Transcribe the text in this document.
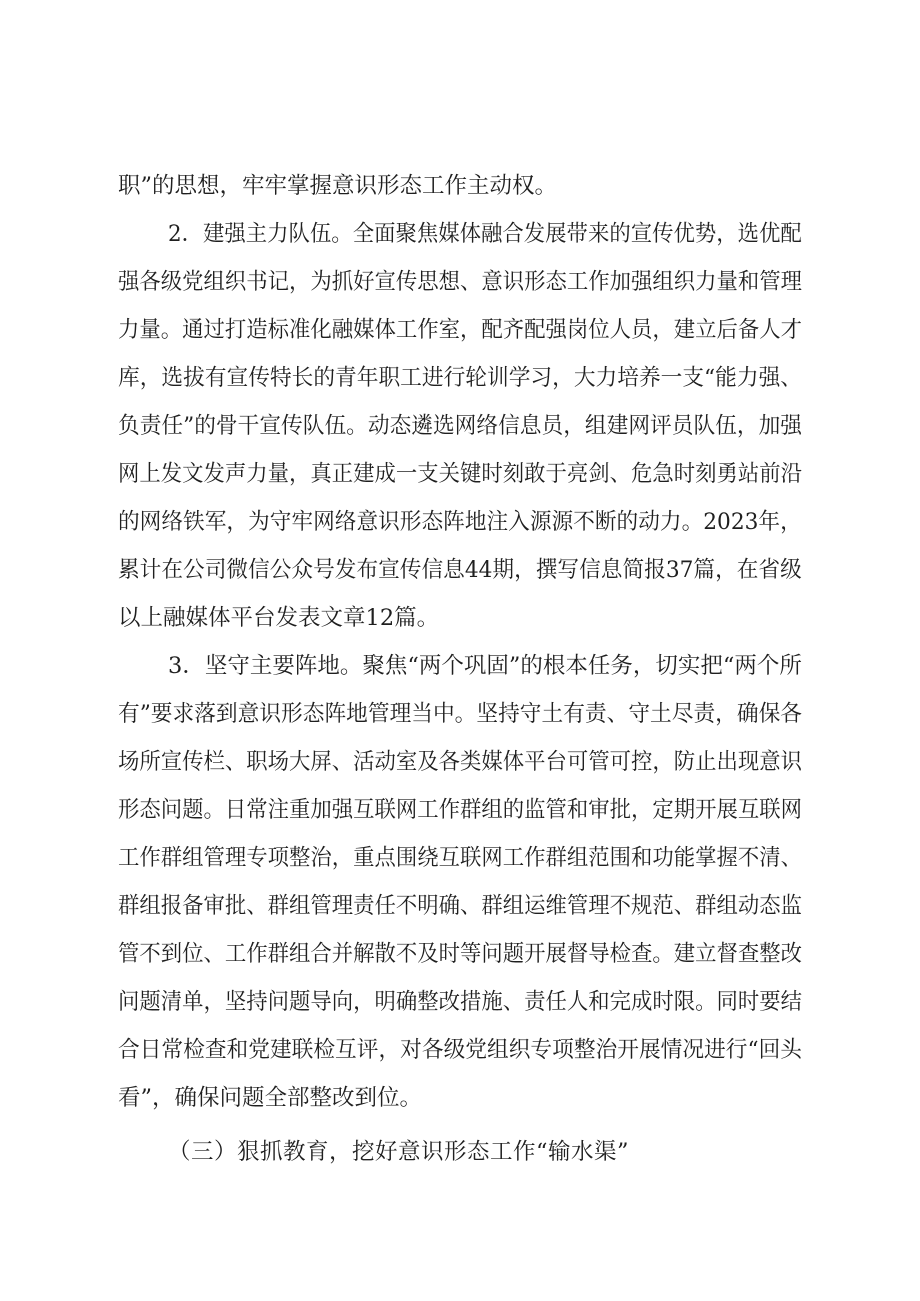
职”的思想，牢牢掌握意识形态工作主动权。
2．建强主力队伍。全面聚焦媒体融合发展带来的宣传优势，选优配
强各级党组织书记，为抓好宣传思想、意识形态工作加强组织力量和管理
力量。通过打造标准化融媒体工作室，配齐配强岗位人员，建立后备人才
库，选拔有宣传特长的青年职工进行轮训学习，大力培养一支“能力强、
负责任”的骨干宣传队伍。动态遴选网络信息员，组建网评员队伍，加强
网上发文发声力量，真正建成一支关键时刻敢于亮剑、危急时刻勇站前沿
的网络铁军，为守牢网络意识形态阵地注入源源不断的动力。2023年，
累计在公司微信公众号发布宣传信息44期，撰写信息简报37篇，在省级
以上融媒体平台发表文章12篇。
3．坚守主要阵地。聚焦“两个巩固”的根本任务，切实把“两个所
有”要求落到意识形态阵地管理当中。坚持守土有责、守土尽责，确保各
场所宣传栏、职场大屏、活动室及各类媒体平台可管可控，防止出现意识
形态问题。日常注重加强互联网工作群组的监管和审批，定期开展互联网
工作群组管理专项整治，重点围绕互联网工作群组范围和功能掌握不清、
群组报备审批、群组管理责任不明确、群组运维管理不规范、群组动态监
管不到位、工作群组合并解散不及时等问题开展督导检查。建立督查整改
问题清单，坚持问题导向，明确整改措施、责任人和完成时限。同时要结
合日常检查和党建联检互评，对各级党组织专项整治开展情况进行“回头
看”，确保问题全部整改到位。
（三）狠抓教育，挖好意识形态工作“输水渠”
